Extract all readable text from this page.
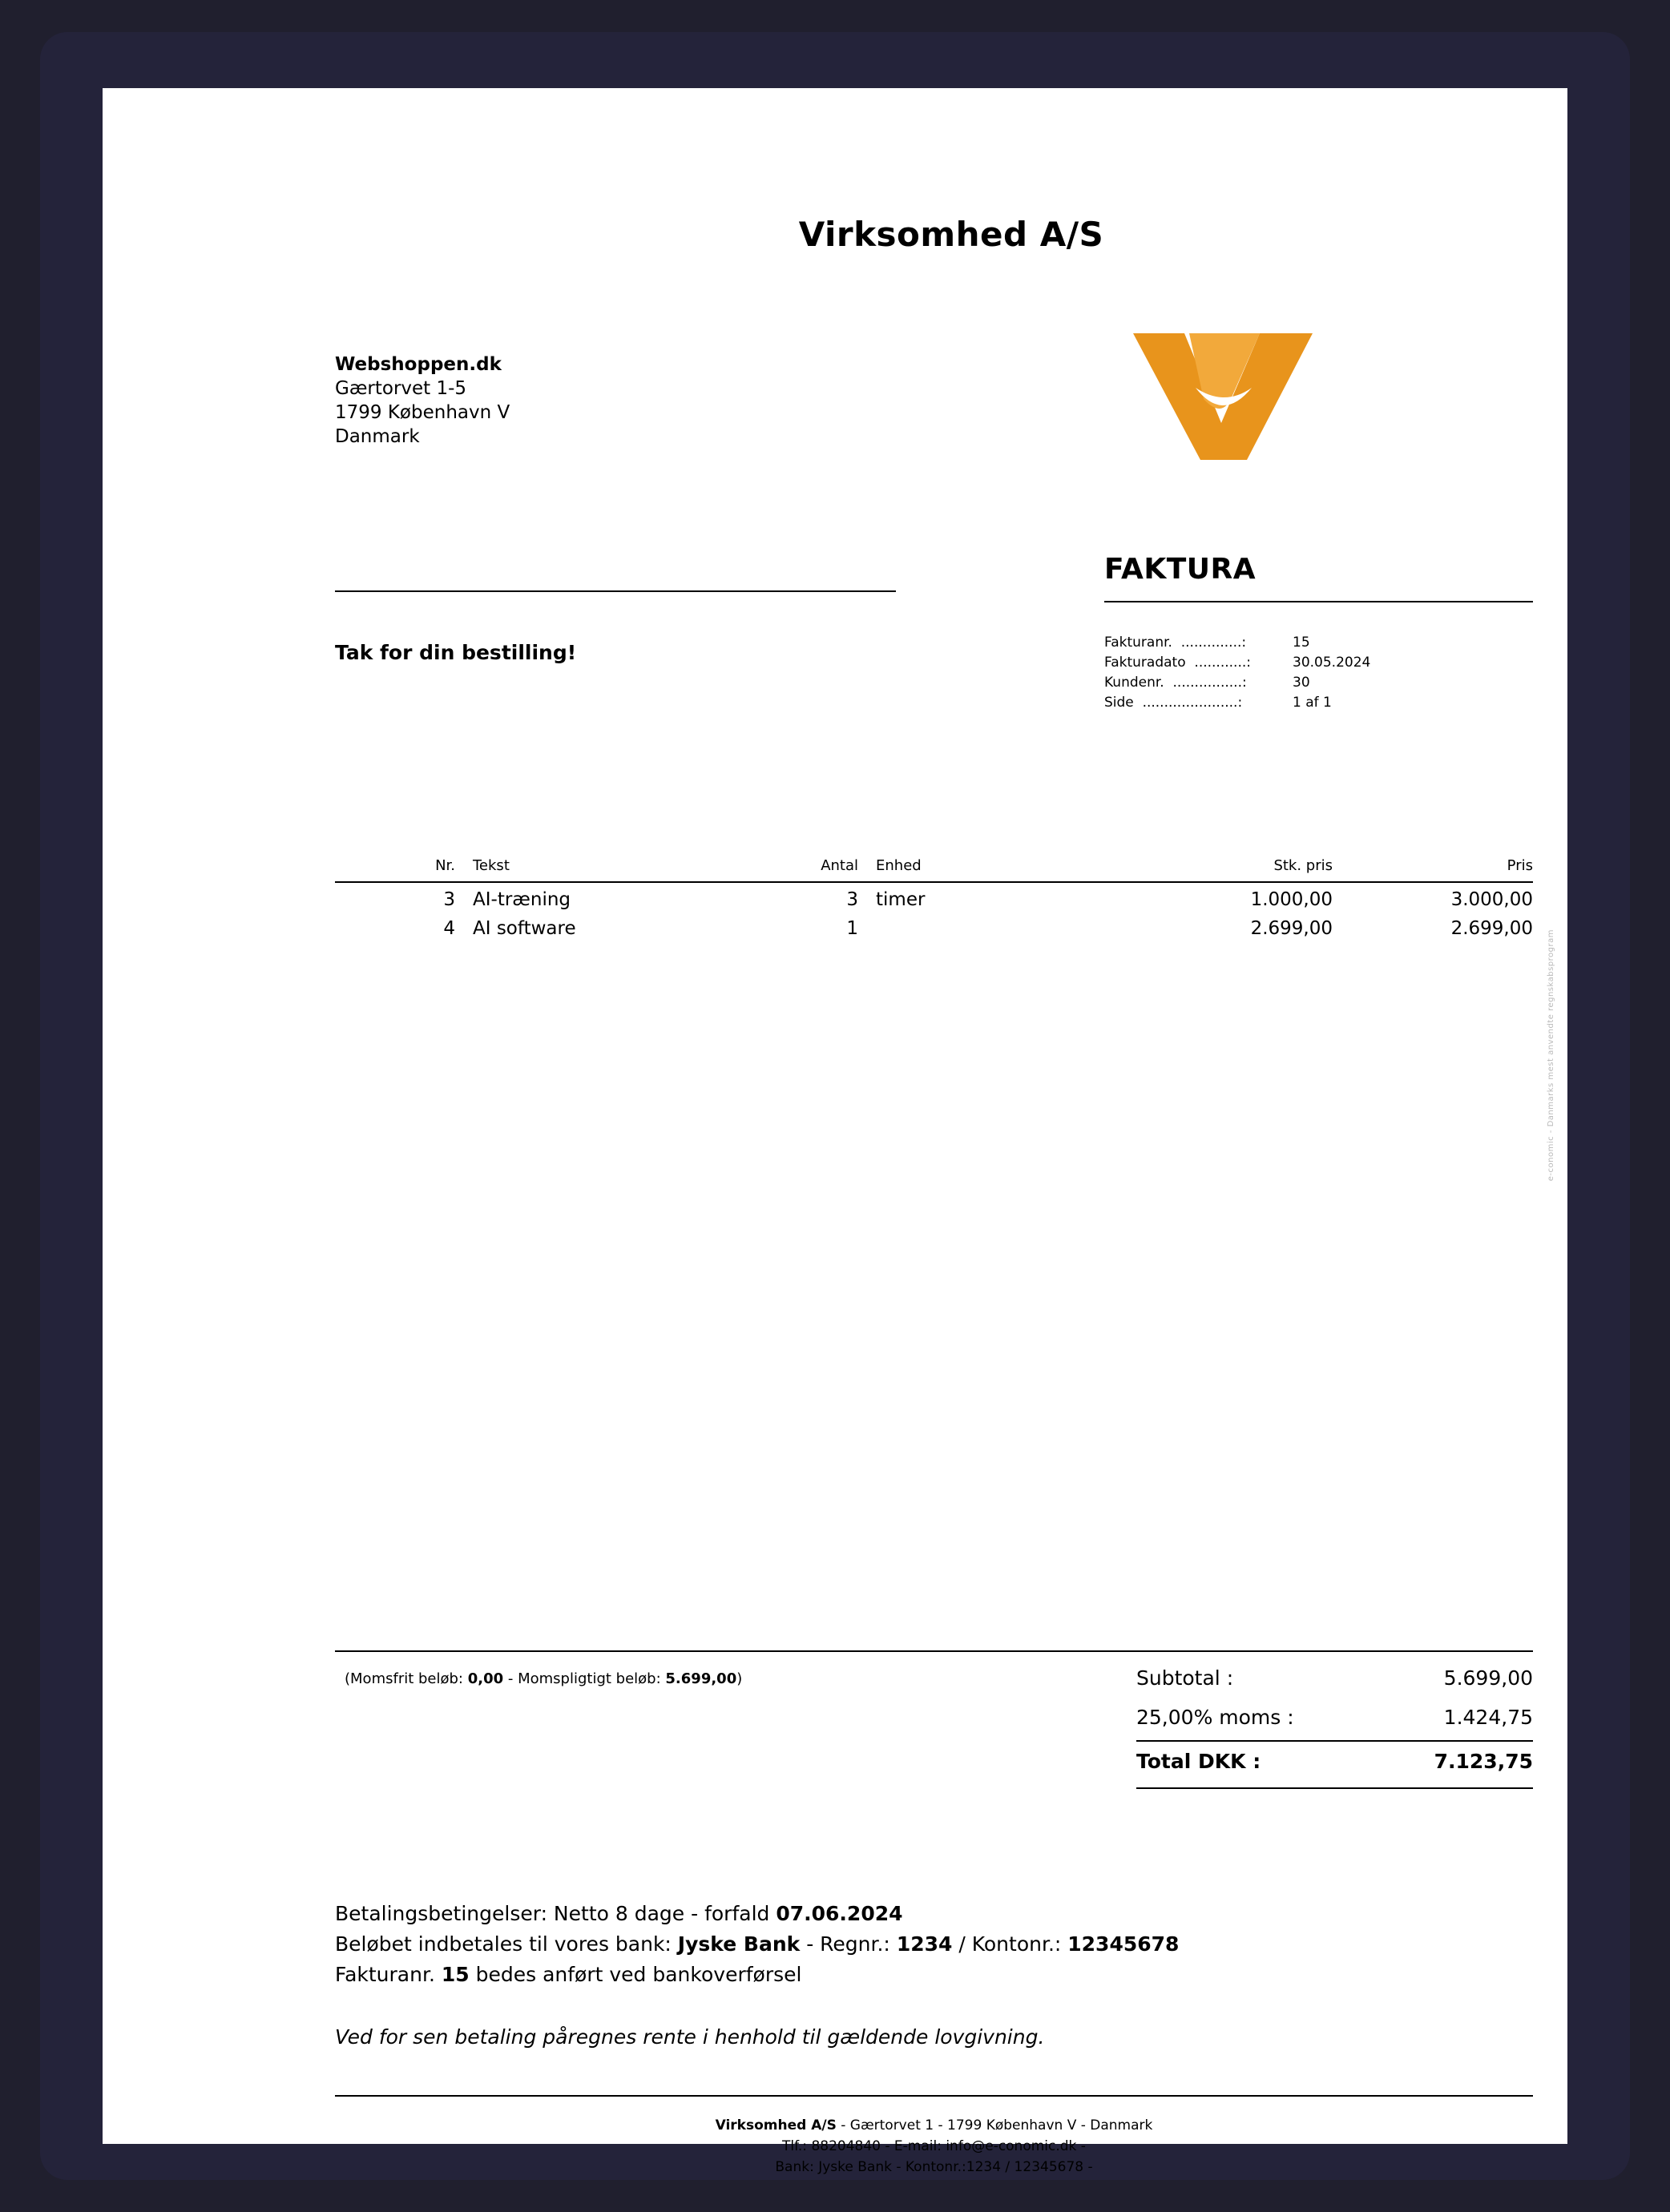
Virksomhed A/S
Webshoppen.dk
Gærtorvet 1-5
1799 København V
Danmark
FAKTURA
Tak for din bestilling!	Fakturanr.  ..............:	15
Fakturadato  ............:	30.05.2024
Kundenr.  ................:	30
Side  ......................:	1 af 1
Nr.	Tekst	Antal	Enhed	Stk. pris	Pris
3	AI-træning	3	timer	1.000,00	3.000,00
4	AI software	1		2.699,00	2.699,00
e-conomic - Danmarks mest anvendte regnskabsprogram
(Momsfrit beløb: 0,00 - Momspligtigt beløb: 5.699,00)	Subtotal :	5.699,00
25,00% moms :	1.424,75
Total DKK :	7.123,75
Betalingsbetingelser: Netto 8 dage - forfald 07.06.2024
Beløbet indbetales til vores bank: Jyske Bank - Regnr.: 1234 / Kontonr.: 12345678
Fakturanr. 15 bedes anført ved bankoverførsel
Ved for sen betaling påregnes rente i henhold til gældende lovgivning.
Virksomhed A/S - Gærtorvet 1 - 1799 København V - Danmark
Tlf.: 88204840 - E-mail: info@e-conomic.dk -
Bank: Jyske Bank - Kontonr.:1234 / 12345678 -
